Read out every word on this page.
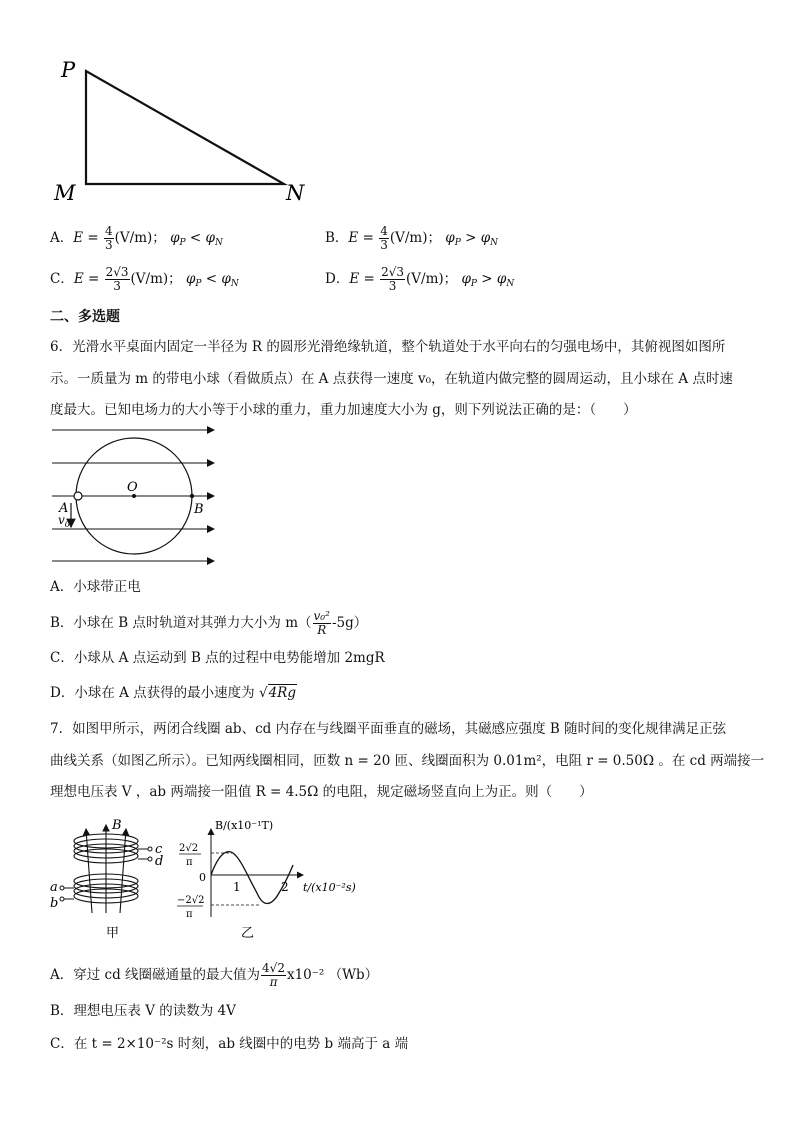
P
M	N
A．$E = \frac{4}{3} (V/m)$； $\varphi_P < \varphi_N$	B．$E = \frac{4}{3} (V/m)$； $\varphi_P > \varphi_N$
C．$E = \frac{2√3}{3} (V/m)$； $\varphi_P < \varphi_N$	D．$E = \frac{2√3}{3} (V/m)$； $\varphi_P > \varphi_N$
二、多选题
6．光滑水平桌面内固定一半径为 R 的圆形光滑绝缘轨道，整个轨道处于水平向右的匀强电场中，其俯视图如图所
示。一质量为 m 的带电小球（看做质点）在 A 点获得一速度 v₀，在轨道内做完整的圆周运动，且小球在 A 点时速
度最大。已知电场力的大小等于小球的重力，重力加速度大小为 g，则下列说法正确的是：（　　）
O
A	B
$v_0$
A．小球带正电
B．小球在 B 点时轨道对其弹力大小为 $m( \frac{\text{v₀²}}{R} -5g)$
C．小球从 A 点运动到 B 点的过程中电势能增加 2mgR
D．小球在 A 点获得的最小速度为 √4Rg
7．如图甲所示，两闭合线圈 ab、cd 内存在与线圈平面垂直的磁场，其磁感应强度 B 随时间的变化规律满足正弦
曲线关系（如图乙所示）。已知两线圈相同，匝数 n = 20 匝、线圈面积为 0.01m²，电阻 r = 0.50Ω 。在 cd 两端接一
理想电压表 V ，ab 两端接一阻值 R = 4.5Ω 的电阻，规定磁场竖直向上为正。则（　　）
B
c
d
a
b
甲
B/(x10⁻¹T)
2√2
π
0
−2√2
π
1	2 t/(x10⁻²s)
乙
A．穿过 cd 线圈磁通量的最大值为 $\frac{4√2}{\pi} x10^{-2}$ （Wb）
B．理想电压表 V 的读数为 4V
C．在 t = 2×10⁻²s 时刻，ab 线圈中的电势 b 端高于 a 端
